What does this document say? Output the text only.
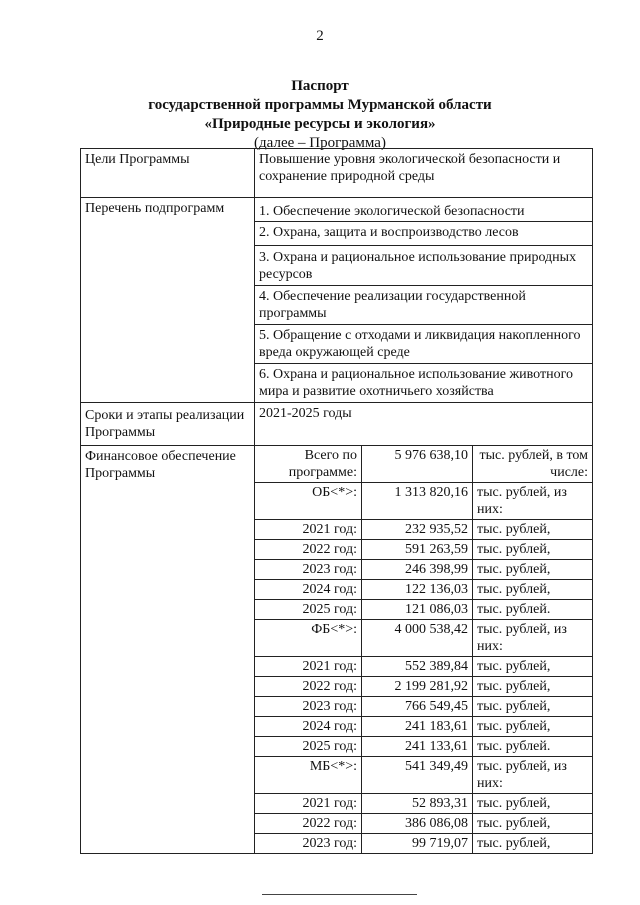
2
Паспорт
государственной программы Мурманской области
«Природные ресурсы и экология»
(далее – Программа)
Цели Программы	Повышение уровня экологической безопасности и сохранение природной среды
Перечень подпрограмм	1. Обеспечение экологической безопасности
2. Охрана, защита и воспроизводство лесов
3. Охрана и рациональное использование природных ресурсов
4. Обеспечение реализации государственной программы
5. Обращение с отходами и ликвидация накопленного вреда окружающей среде
6. Охрана и рациональное использование животного мира и развитие охотничьего хозяйства

Сроки и этапы реализации Программы	2021-2025 годы
Финансовое обеспечение Программы	
Всего по программе:	5 976 638,10	тыс. рублей, в том числе:
ОБ<*>:	1 313 820,16	тыс. рублей, из них:
2021 год:	232 935,52	тыс. рублей,
2022 год:	591 263,59	тыс. рублей,
2023 год:	246 398,99	тыс. рублей,
2024 год:	122 136,03	тыс. рублей,
2025 год:	121 086,03	тыс. рублей.
ФБ<*>:	4 000 538,42	тыс. рублей, из них:
2021 год:	552 389,84	тыс. рублей,
2022 год:	2 199 281,92	тыс. рублей,
2023 год:	766 549,45	тыс. рублей,
2024 год:	241 183,61	тыс. рублей,
2025 год:	241 133,61	тыс. рублей.
МБ<*>:	541 349,49	тыс. рублей, из них:
2021 год:	52 893,31	тыс. рублей,
2022 год:	386 086,08	тыс. рублей,
2023 год:	99 719,07	тыс. рублей,
